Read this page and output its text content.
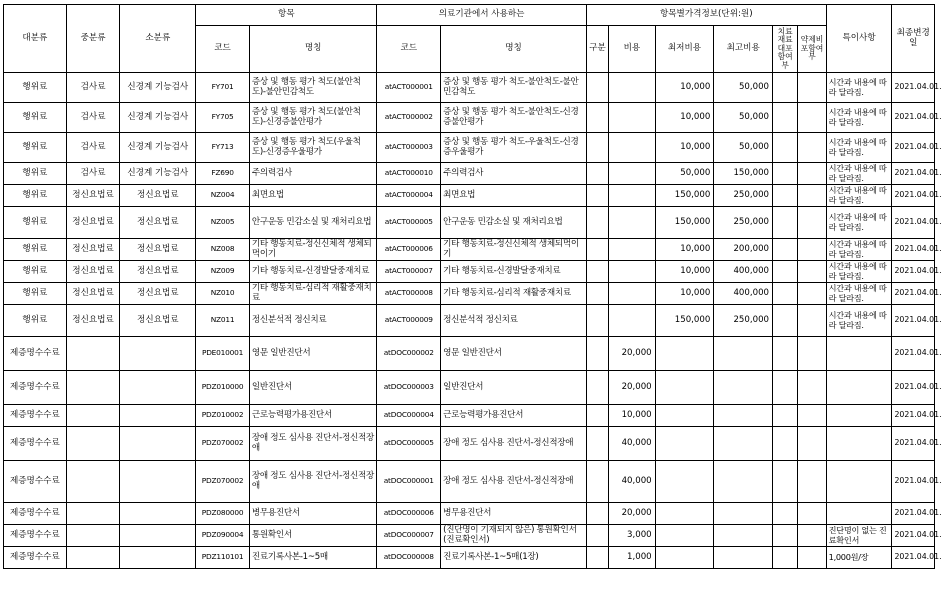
대분류	중분류	소분류	항목		의료기관에서 사용하는		항목별가격정보(단위:원)						특이사항	최종변경일
			코드	명칭	코드	명칭	구분	비용	최저비용	최고비용	치료재료대포함여부	약제비포함여부		
행위료	검사료	신경계 기능검사	FY701	증상 및 행동 평가 척도(불안척도)-불안민감척도	atACT000001	증상 및 행동 평가 척도-불안척도-불안민감척도			10,000	50,000			시간과 내용에 따라 달라짐.	2021.04.01.
행위료	검사료	신경계 기능검사	FY705	증상 및 행동 평가 척도(불안척도)-신경증불안평가	atACT000002	증상 및 행동 평가 척도-불안척도-신경증불안평가			10,000	50,000			시간과 내용에 따라 달라짐.	2021.04.01.
행위료	검사료	신경계 기능검사	FY713	증상 및 행동 평가 척도(우울척도)-신경증우울평가	atACT000003	증상 및 행동 평가 척도-우울척도-신경증우울평가			10,000	50,000			시간과 내용에 따라 달라짐.	2021.04.01.
행위료	검사료	신경계 기능검사	FZ690	주의력검사	atACT000010	주의력검사			50,000	150,000			시간과 내용에 따라 달라짐.	2021.04.01.
행위료	정신요법료	정신요법료	NZ004	최면요법	atACT000004	최면요법			150,000	250,000			시간과 내용에 따라 달라짐.	2021.04.01.
행위료	정신요법료	정신요법료	NZ005	안구운동 민감소실 및 재처리요법	atACT000005	안구운동 민감소실 및 재처리요법			150,000	250,000			시간과 내용에 따라 달라짐.	2021.04.01.
행위료	정신요법료	정신요법료	NZ008	기타 행동치료-정신신체적 생체되먹이기	atACT000006	기타 행동치료-정신신체적 생체되먹이기			10,000	200,000			시간과 내용에 따라 달라짐.	2021.04.01.
행위료	정신요법료	정신요법료	NZ009	기타 행동치료-신경발달중재치료	atACT000007	기타 행동치료-신경발달중재치료			10,000	400,000			시간과 내용에 따라 달라짐.	2021.04.01.
행위료	정신요법료	정신요법료	NZ010	기타 행동치료-심리적 재활중재치료	atACT000008	기타 행동치료-심리적 재활중재치료			10,000	400,000			시간과 내용에 따라 달라짐.	2021.04.01.
행위료	정신요법료	정신요법료	NZ011	정신분석적 정신치료	atACT000009	정신분석적 정신치료			150,000	250,000			시간과 내용에 따라 달라짐.	2021.04.01.
제증명수수료			PDE010001	영문 일반진단서	atDOC000002	영문 일반진단서		20,000						2021.04.01.
제증명수수료			PDZ010000	일반진단서	atDOC000003	일반진단서		20,000						2021.04.01.
제증명수수료			PDZ010002	근로능력평가용진단서	atDOC000004	근로능력평가용진단서		10,000						2021.04.01.
제증명수수료			PDZ070002	장애 정도 심사용 진단서-정신적장애	atDOC000005	장애 정도 심사용 진단서-정신적장애		40,000						2021.04.01.
제증명수수료			PDZ070002	장애 정도 심사용 진단서-정신적장애	atDOC000001	장애 정도 심사용 진단서-정신적장애		40,000						2021.04.01.
제증명수수료			PDZ080000	병무용진단서	atDOC000006	병무용진단서		20,000						2021.04.01.
제증명수수료			PDZ090004	통원확인서	atDOC000007	(진단명이 기재되지 않은) 통원확인서(진료확인서)		3,000					진단명이 없는 진료확인서	2021.04.01.
제증명수수료			PDZ110101	진료기록사본-1~5매	atDOC000008	진료기록사본-1~5매(1장)		1,000					1,000원/장	2021.04.01.
